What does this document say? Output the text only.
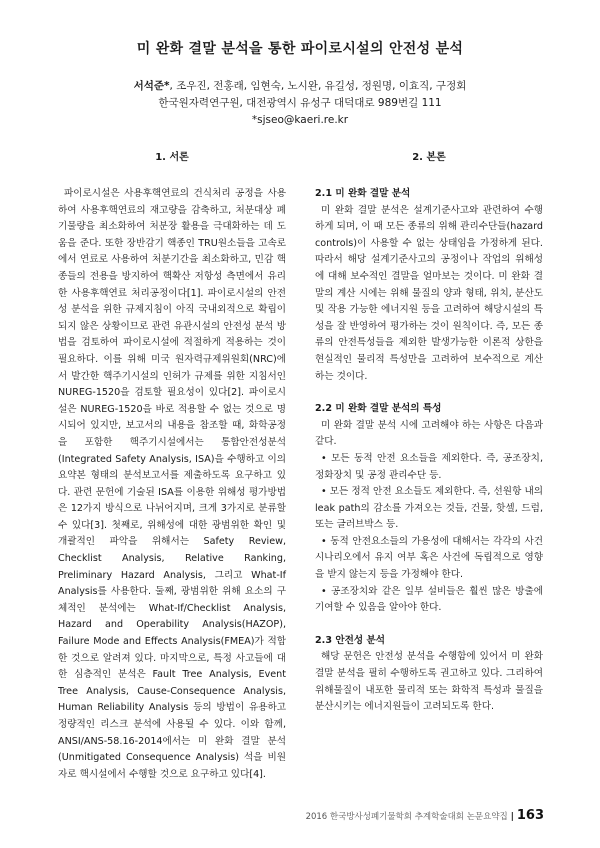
미 완화 결말 분석을 통한 파이로시설의 안전성 분석
서석준*, 조우진, 전홍래, 임현숙, 노시완, 유길성, 정원명, 이효직, 구정회
한국원자력연구원, 대전광역시 유성구 대덕대로 989번길 111
*sjseo@kaeri.re.kr
1. 서론

파이로시설은 사용후핵연료의 건식처리 공정을 사용하여 사용후핵연료의 재고량을 감축하고, 처분대상 폐기물량을 최소화하여 처분장 활용을 극대화하는 데 도움을 준다. 또한 장반감기 핵종인 TRU원소들을 고속로에서 연료로 사용하여 처분기간을 최소화하고, 민감 핵종들의 전용을 방지하여 핵확산 저항성 측면에서 유리한 사용후핵연료 처리공정이다[1]. 파이로시설의 안전성 분석을 위한 규제지침이 아직 국내외적으로 확립이 되지 않은 상황이므로 관련 유관시설의 안전성 분석 방법을 검토하여 파이로시설에 적절하게 적용하는 것이 필요하다. 이를 위해 미국 원자력규제위원회(NRC)에서 발간한 핵주기시설의 인허가 규제를 위한 지침서인 NUREG-1520을 검토할 필요성이 있다[2]. 파이로시설은 NUREG-1520을 바로 적용할 수 없는 것으로 명시되어 있지만, 보고서의 내용을 참조할 때, 화학공정을 포함한 핵주기시설에서는 통합안전성분석(Integrated Safety Analysis, ISA)을 수행하고 이의 요약본 형태의 분석보고서를 제출하도록 요구하고 있다. 관련 문헌에 기술된 ISA를 이용한 위해성 평가방법은 12가지 방식으로 나뉘어지며, 크게 3가지로 분류할 수 있다[3]. 첫째로, 위해성에 대한 광범위한 확인 및 개괄적인 파악을 위해서는 Safety Review, Checklist Analysis, Relative Ranking, Preliminary Hazard Analysis, 그리고 What-If Analysis를 사용한다. 둘째, 광범위한 위해 요소의 구체적인 분석에는 What-If/Checklist Analysis, Hazard and Operability Analysis(HAZOP), Failure Mode and Effects Analysis(FMEA)가 적합한 것으로 알려져 있다. 마지막으로, 특정 사고들에 대한 심층적인 분석은 Fault Tree Analysis, Event Tree Analysis, Cause-Consequence Analysis, Human Reliability Analysis 등의 방법이 유용하고 정량적인 리스크 분석에 사용될 수 있다. 이와 함께, ANSI/ANS-58.16-2014에서는 미 완화 결말 분석(Unmitigated Consequence Analysis) 석을 비원자로 핵시설에서 수행할 것으로 요구하고 있다[4].

2. 본론

2.1 미 완화 결말 분석

미 완화 결말 분석은 설계기준사고와 관련하여 수행하게 되며, 이 때 모든 종류의 위해 관리수단들(hazard controls)이 사용할 수 없는 상태임을 가정하게 된다. 따라서 해당 설계기준사고의 공정이나 작업의 위해성에 대해 보수적인 결말을 얼마보는 것이다. 미 완화 결말의 계산 시에는 위해 물질의 양과 형태, 위치, 분산도 및 작용 가능한 에너지원 등을 고려하여 해당시설의 특성을 잘 반영하여 평가하는 것이 원칙이다. 즉, 모든 종류의 안전특성들을 제외한 발생가능한 이론적 상한을 현실적인 물리적 특성만을 고려하여 보수적으로 계산하는 것이다.

2.2 미 완화 결말 분석의 특성

미 완화 결말 분석 시에 고려해야 하는 사항은 다음과 같다.

• 모든 동적 안전 요소들을 제외한다. 즉, 공조장치, 정화장치 및 공정 관리수단 등.

• 모든 정적 안전 요소들도 제외한다. 즉, 선원항 내의 leak path의 감소를 가져오는 것들, 건물, 핫셀, 드럼, 또는 글러브박스 등.

• 동적 안전요소들의 가용성에 대해서는 각각의 사건시나리오에서 유지 여부 혹은 사건에 독립적으로 영향을 받지 않는지 등을 가정해야 한다.

• 공조장치와 같은 일부 설비들은 훨씬 많은 방출에 기여할 수 있음을 알아야 한다.

2.3 안전성 분석

해당 문헌은 안전성 분석을 수행함에 있어서 미 완화 결말 분석을 필히 수행하도록 권고하고 있다. 그리하여 위해물질이 내포한 물리적 또는 화학적 특성과 물질을 분산시키는 에너지원들이 고려되도록 한다.

2016 한국방사성폐기물학회 추계학술대회 논문요약집 | 163
